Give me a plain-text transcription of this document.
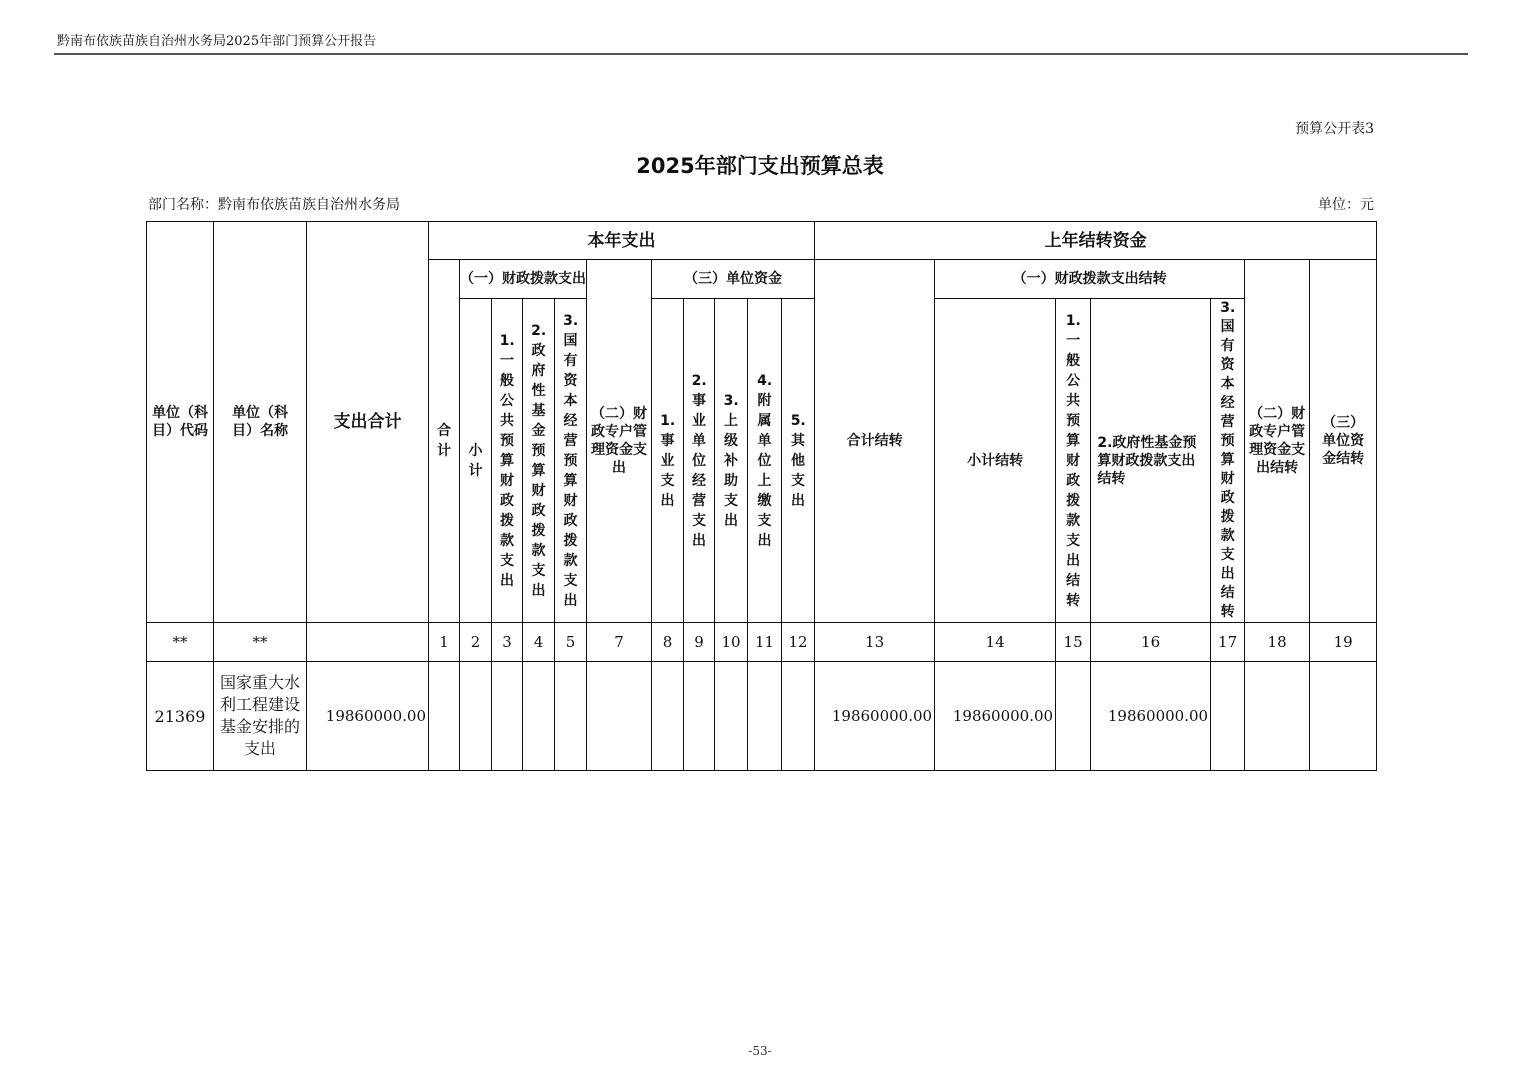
黔南布依族苗族自治州水务局2025年部门预算公开报告
预算公开表3
2025年部门支出预算总表
部门名称：黔南布依族苗族自治州水务局	单位：元
单位（科目）代码	单位（科目）名称	支出合计	本年支出											上年结转资金						
			合计	（一）财政拨款支出				（二）财政专户管理资金支出	（三）单位资金					合计结转	（一）财政拨款支出结转				（二）财政专户管理资金支出结转	（三）单位资金结转
				小计	1.一般公共预算财政拨款支出	2.政府性基金预算财政拨款支出	3.国有资本经营预算财政拨款支出		1.事业支出	2.事业单位经营支出	3.上级补助支出	4.附属单位上缴支出	5.其他支出		小计结转	1.一般公共预算财政拨款支出结转	2.政府性基金预算财政拨款支出结转	3.国有资本经营预算财政拨款支出结转		
**	**		1	2	3	4	5	7	8	9	10	11	12	13	14	15	16	17	18	19
21369	国家重大水利工程建设基金安排的支出	19860000.00												19860000.00	19860000.00		19860000.00			
-53-
